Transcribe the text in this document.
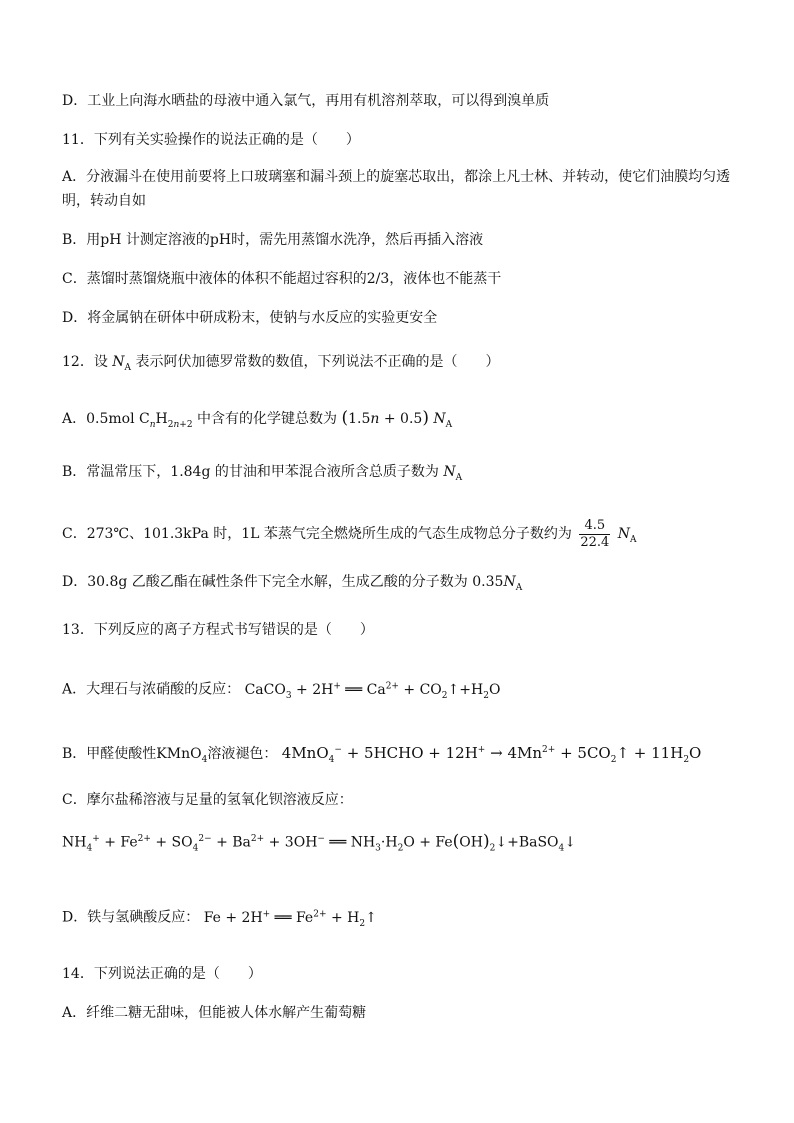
D．工业上向海水晒盐的母液中通入氯气，再用有机溶剂萃取，可以得到溴单质
11．下列有关实验操作的说法正确的是（　　）
A．分液漏斗在使用前要将上口玻璃塞和漏斗颈上的旋塞芯取出，都涂上凡士林、并转动，使它们油膜均匀透明，转动自如
B．用pH 计测定溶液的pH时，需先用蒸馏水洗净，然后再插入溶液
C．蒸馏时蒸馏烧瓶中液体的体积不能超过容积的2/3，液体也不能蒸干
D．将金属钠在研体中研成粉末，使钠与水反应的实验更安全
12．设 $N_A$ 表示阿伏加德罗常数的数值，下列说法不正确的是（　　）
A．0.5mol $C_nH_{2n+2}$ 中含有的化学键总数为 (1.5n + 0.5) $N_A$
B．常温常压下，1.84g 的甘油和甲苯混合液所含总质子数为 $N_A$
C．273℃、101.3kPa 时，1L 苯蒸气完全燃烧所生成的气态生成物总分子数约为 $\frac{4.5}{22.4} N_A$
D．30.8g 乙酸乙酯在碱性条件下完全水解，生成乙酸的分子数为 $0.35N_A$
13．下列反应的离子方程式书写错误的是（　　）
A．大理石与浓硝酸的反应： CaCO$_3$ + 2H+ ══ $Ca^{2+}$ + $CO_2↑+H_2O$
B．甲醛使酸性KMnO$_4$溶液褪色： 4MnO$_4$− + 5HCHO + $12H^+ \to 4Mn^{2+}$ + $5CO_2↑ + 11H_2O$
C．摩尔盐稀溶液与足量的氢氧化钡溶液反应：
$NH_4^+ + Fe^{2+} + SO_4^{2-} + Ba^{2+} + 3OH^-$ ══ $NH_3\cdot H_2O$ + $Fe(OH)_2↓+BaSO_4↓$
D．铁与氢碘酸反应： Fe + 2H+ ══ $Fe^{2+}$ + $H_2↑$
14．下列说法正确的是（　　）
A．纤维二糖无甜味，但能被人体水解产生葡萄糖
